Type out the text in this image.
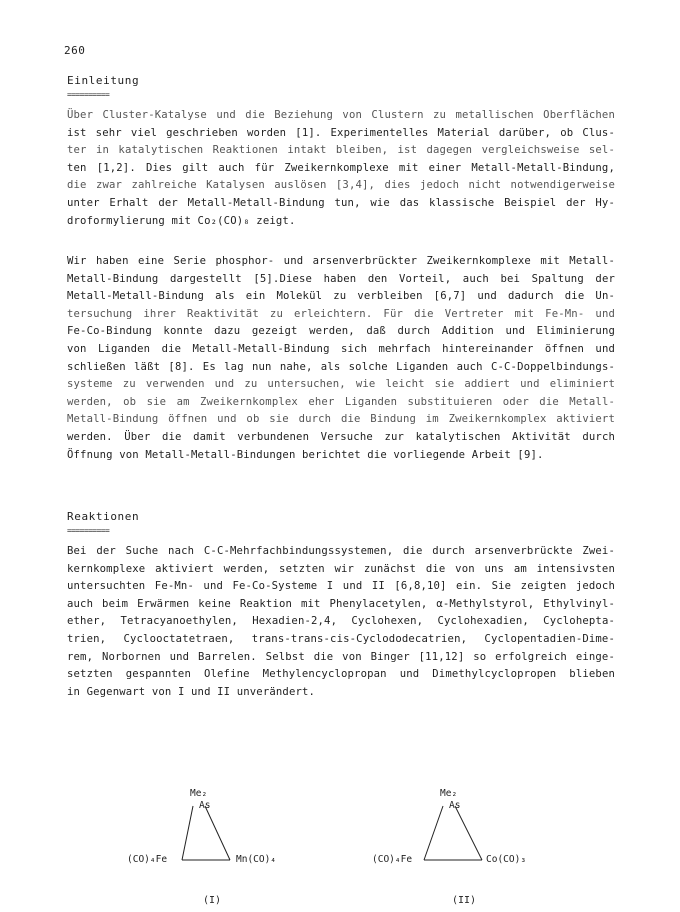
260
Einleitung
==========
Über Cluster-Katalyse und die Beziehung von Clustern zu metallischen Oberflächen
ist sehr viel geschrieben worden [1]. Experimentelles Material darüber, ob Clus-
ter in katalytischen Reaktionen intakt bleiben, ist dagegen vergleichsweise sel-
ten [1,2]. Dies gilt auch für Zweikernkomplexe mit einer Metall-Metall-Bindung,
die zwar zahlreiche Katalysen auslösen [3,4], dies jedoch nicht notwendigerweise
unter Erhalt der Metall-Metall-Bindung tun, wie das klassische Beispiel der Hy-
droformylierung mit Co₂(CO)₈ zeigt.
Wir haben eine Serie phosphor- und arsenverbrückter Zweikernkomplexe mit Metall-
Metall-Bindung dargestellt [5].Diese haben den Vorteil, auch bei Spaltung der
Metall-Metall-Bindung als ein Molekül zu verbleiben [6,7] und dadurch die Un-
tersuchung ihrer Reaktivität zu erleichtern. Für die Vertreter mit Fe-Mn- und
Fe-Co-Bindung konnte dazu gezeigt werden, daß durch Addition und Eliminierung
von Liganden die Metall-Metall-Bindung sich mehrfach hintereinander öffnen und
schließen läßt [8]. Es lag nun nahe, als solche Liganden auch C-C-Doppelbindungs-
systeme zu verwenden und zu untersuchen, wie leicht sie addiert und eliminiert
werden, ob sie am Zweikernkomplex eher Liganden substituieren oder die Metall-
Metall-Bindung öffnen und ob sie durch die Bindung im Zweikernkomplex aktiviert
werden. Über die damit verbundenen Versuche zur katalytischen Aktivität durch
Öffnung von Metall-Metall-Bindungen berichtet die vorliegende Arbeit [9].
Reaktionen
==========
Bei der Suche nach C-C-Mehrfachbindungssystemen, die durch arsenverbrückte Zwei-
kernkomplexe aktiviert werden, setzten wir zunächst die von uns am intensivsten
untersuchten Fe-Mn- und Fe-Co-Systeme I und II [6,8,10] ein. Sie zeigten jedoch
auch beim Erwärmen keine Reaktion mit Phenylacetylen, α-Methylstyrol, Ethylvinyl-
ether, Tetracyanoethylen, Hexadien-2,4, Cyclohexen, Cyclohexadien, Cyclohepta-
trien, Cyclooctatetraen, trans-trans-cis-Cyclododecatrien, Cyclopentadien-Dime-
rem, Norbornen und Barrelen. Selbst die von Binger [11,12] so erfolgreich einge-
setzten gespannten Olefine Methylencyclopropan und Dimethylcyclopropen blieben
in Gegenwart von I und II unverändert.
Me₂
As
(CO)₄Fe	Mn(CO)₄
(I)
Me₂
As
(CO)₄Fe	Co(CO)₃
(II)
